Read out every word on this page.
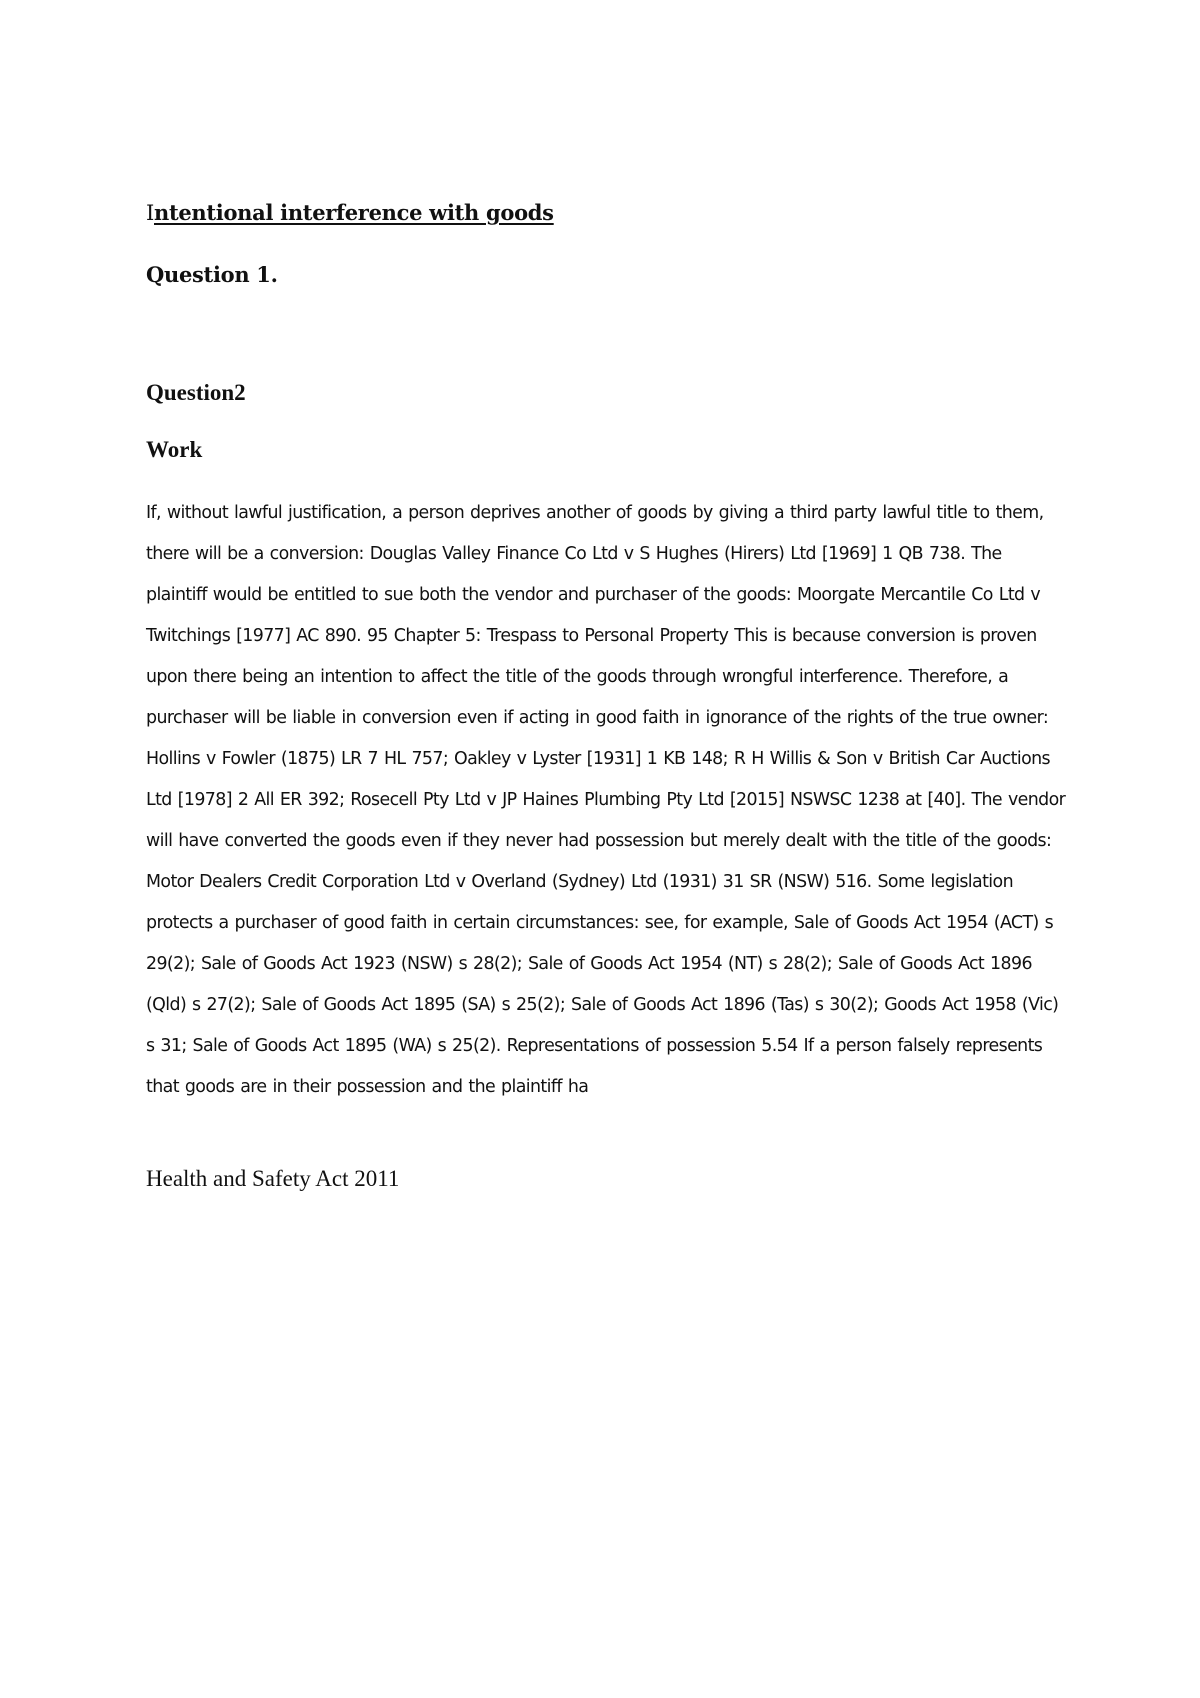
Intentional interference with goods
Question 1.
Question2
Work

If, without lawful justification, a person deprives another of goods by giving a third party lawful title to them, there will be a conversion: Douglas Valley Finance Co Ltd v S Hughes (Hirers) Ltd [1969] 1 QB 738. The plaintiff would be entitled to sue both the vendor and purchaser of the goods: Moorgate Mercantile Co Ltd v Twitchings [1977] AC 890. 95 Chapter 5: Trespass to Personal Property This is because conversion is proven upon there being an intention to affect the title of the goods through wrongful interference. Therefore, a purchaser will be liable in conversion even if acting in good faith in ignorance of the rights of the true owner: Hollins v Fowler (1875) LR 7 HL 757; Oakley v Lyster [1931] 1 KB 148; R H Willis & Son v British Car Auctions Ltd [1978] 2 All ER 392; Rosecell Pty Ltd v JP Haines Plumbing Pty Ltd [2015] NSWSC 1238 at [40]. The vendor will have converted the goods even if they never had possession but merely dealt with the title of the goods: Motor Dealers Credit Corporation Ltd v Overland (Sydney) Ltd (1931) 31 SR (NSW) 516. Some legislation protects a purchaser of good faith in certain circumstances: see, for example, Sale of Goods Act 1954 (ACT) s 29(2); Sale of Goods Act 1923 (NSW) s 28(2); Sale of Goods Act 1954 (NT) s 28(2); Sale of Goods Act 1896 (Qld) s 27(2); Sale of Goods Act 1895 (SA) s 25(2); Sale of Goods Act 1896 (Tas) s 30(2); Goods Act 1958 (Vic) s 31; Sale of Goods Act 1895 (WA) s 25(2). Representations of possession 5.54 If a person falsely represents that goods are in their possession and the plaintiff ha

Health and Safety Act 2011
